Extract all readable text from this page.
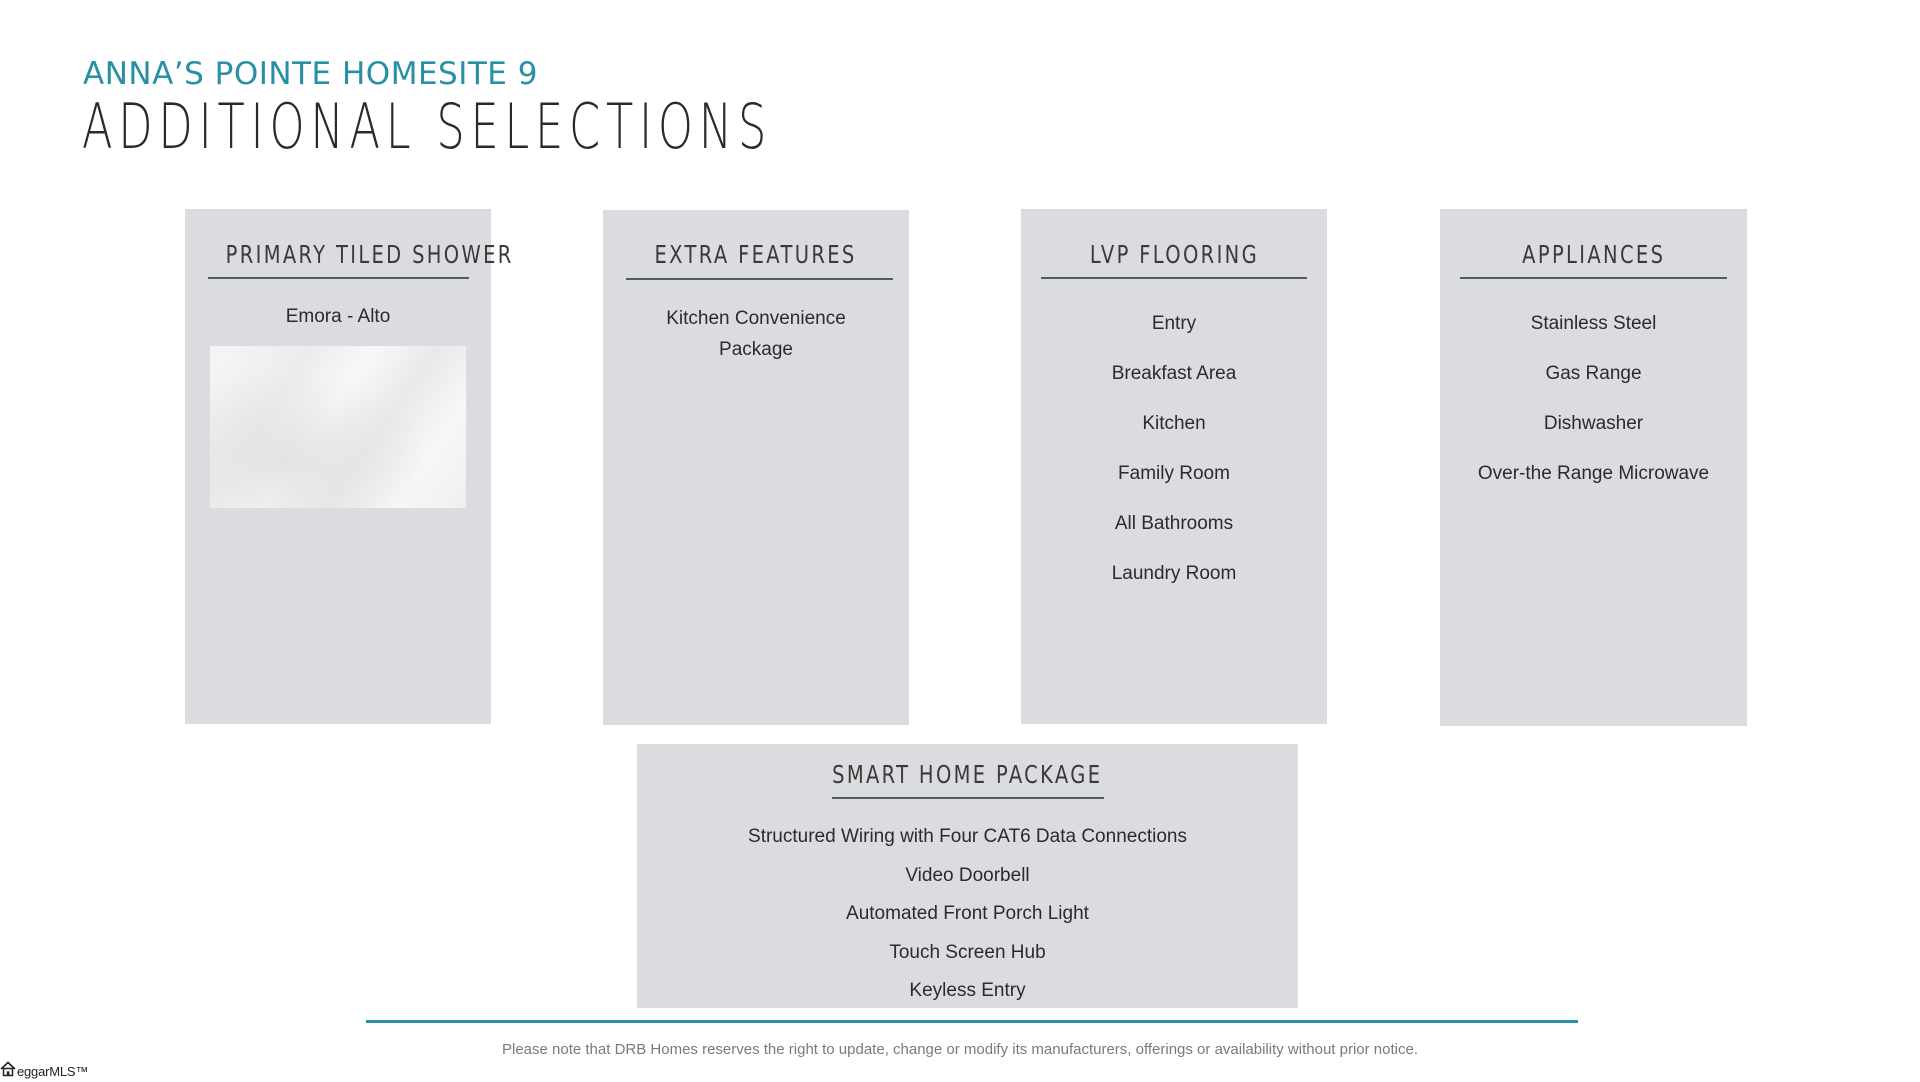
ANNA’S POINTE HOMESITE 9
ADDITIONAL SELECTIONS
PRIMARY TILED SHOWER
Emora - Alto
EXTRA FEATURES
Kitchen Convenience
Package
LVP FLOORING
Entry
Breakfast Area
Kitchen
Family Room
All Bathrooms
Laundry Room
APPLIANCES
Stainless Steel
Gas Range
Dishwasher
Over-the Range Microwave
SMART HOME PACKAGE
Structured Wiring with Four CAT6 Data Connections
Video Doorbell
Automated Front Porch Light
Touch Screen Hub
Keyless Entry
Please note that DRB Homes reserves the right to update, change or modify its manufacturers, offerings or availability without prior notice.
eggarMLS™
